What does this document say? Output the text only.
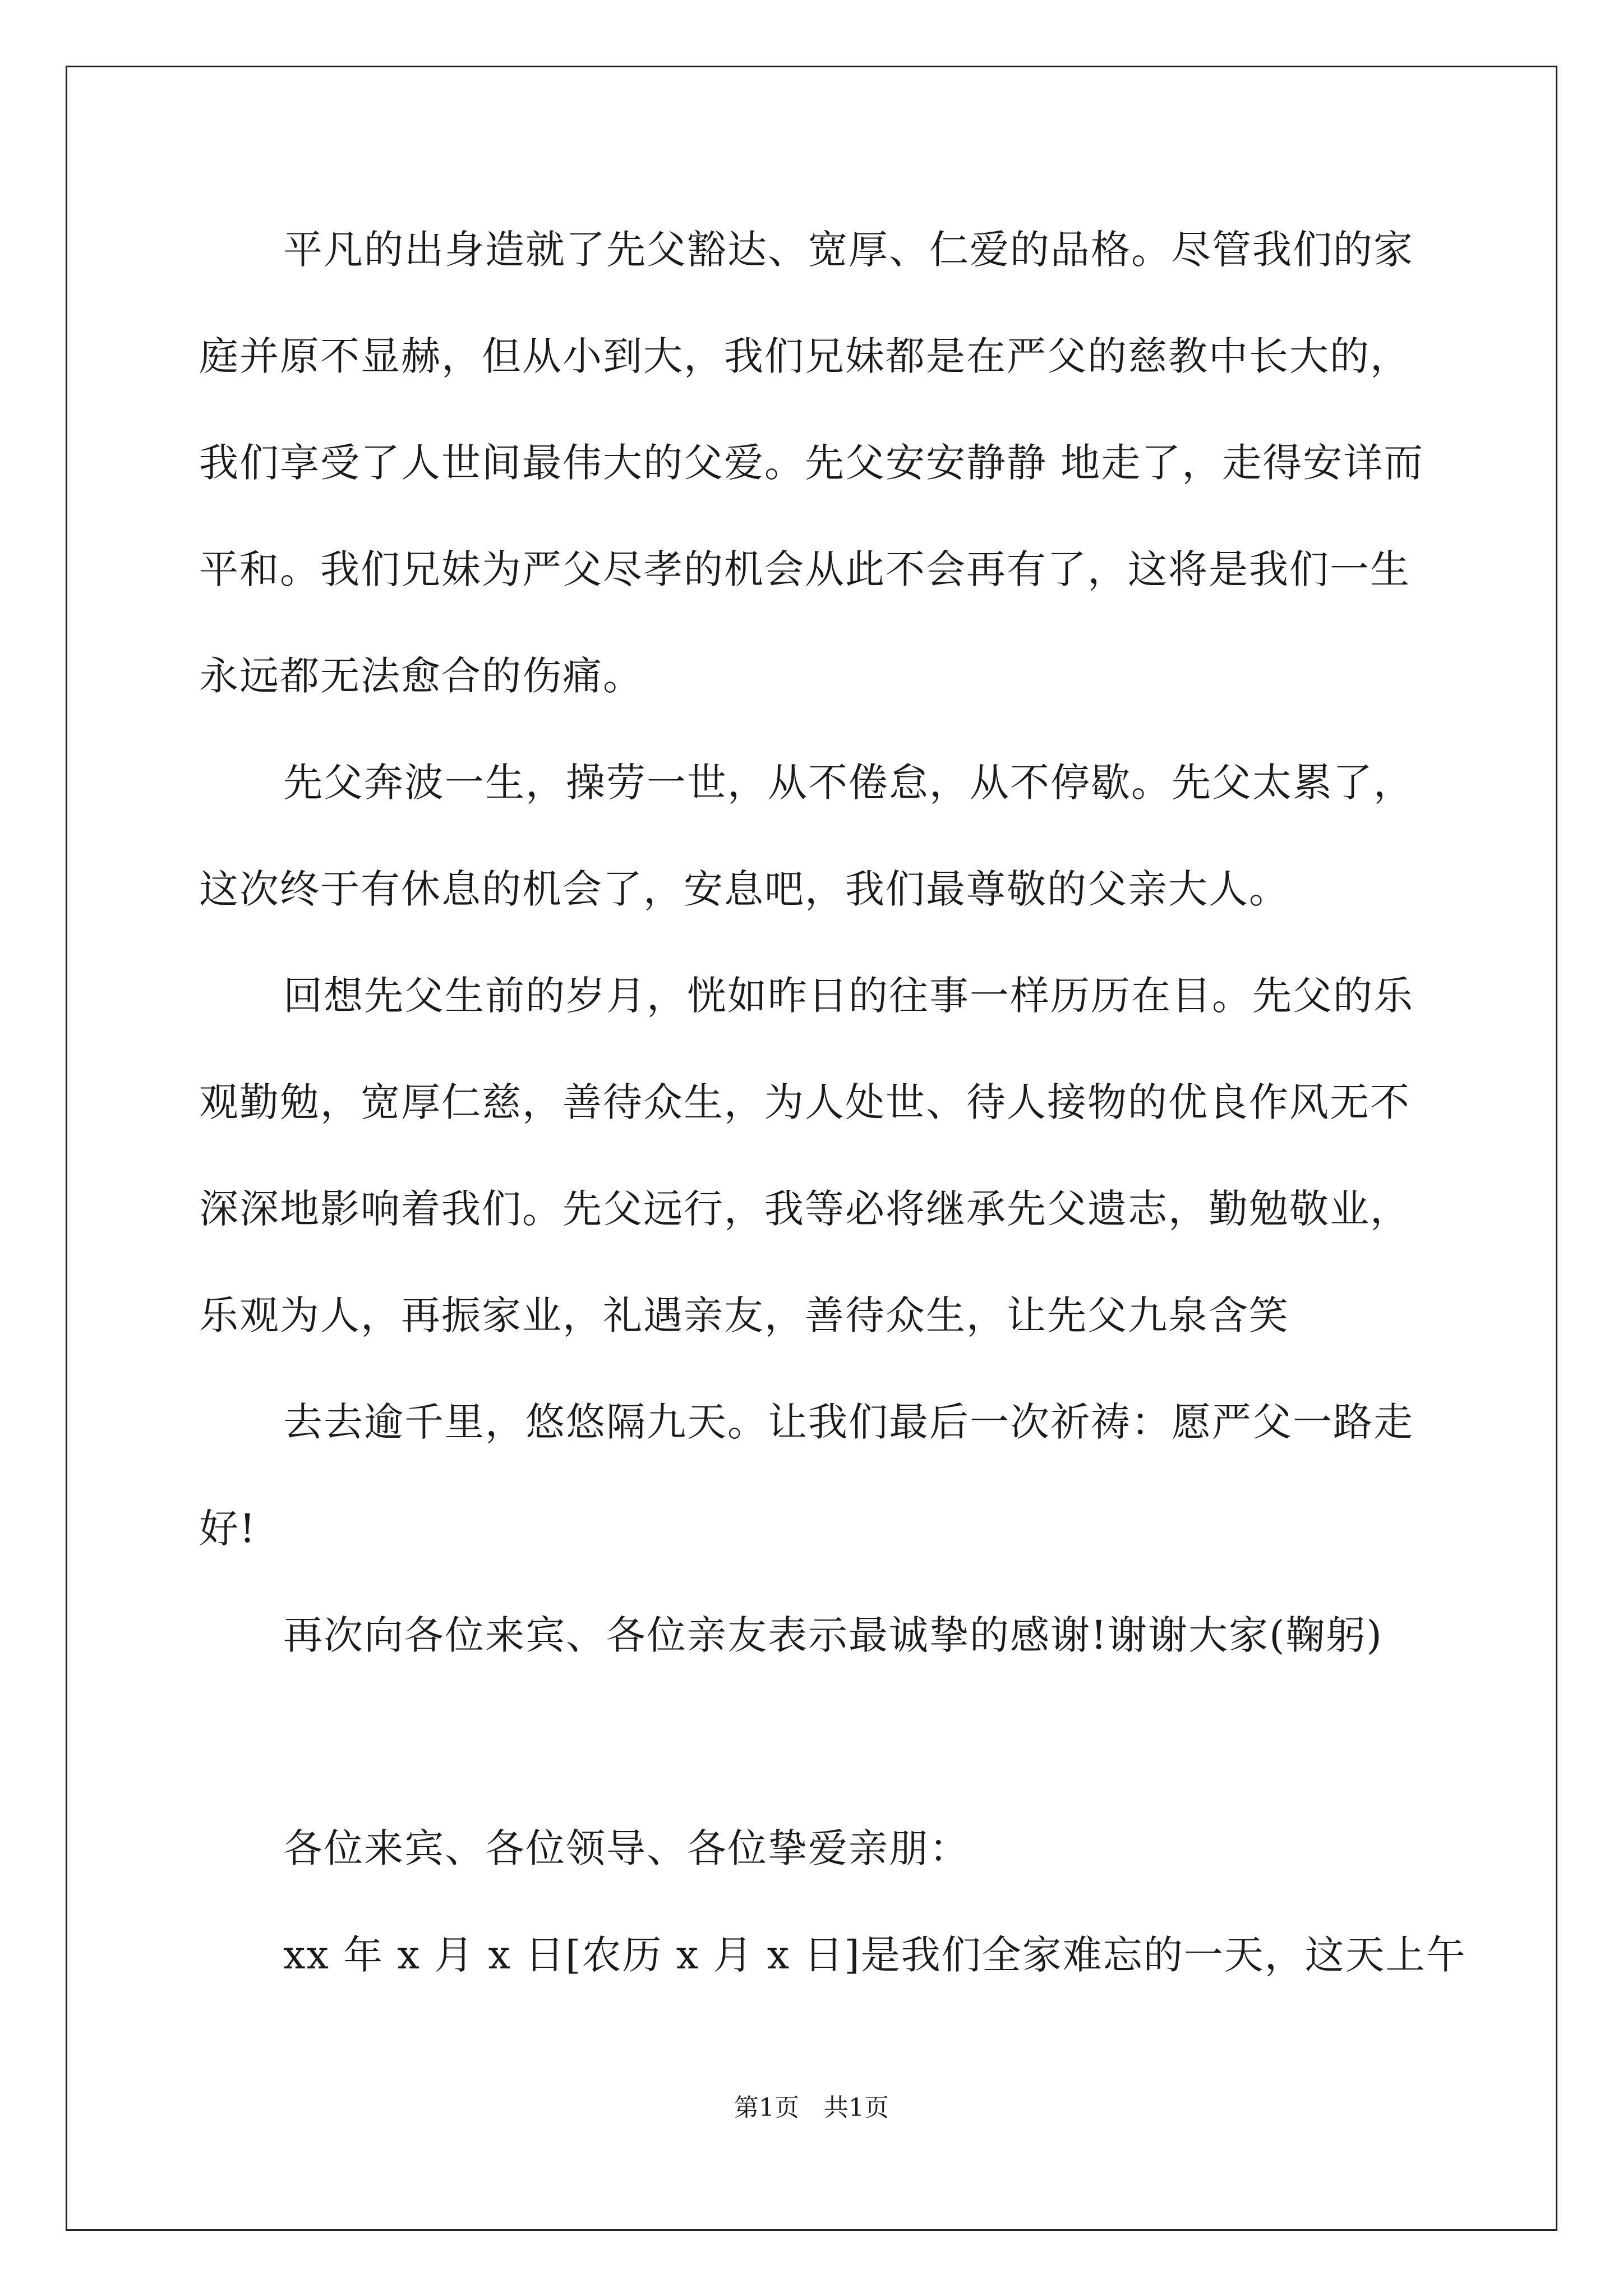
平凡的出身造就了先父豁达、宽厚、仁爱的品格。尽管我们的家
庭并原不显赫，但从小到大，我们兄妹都是在严父的慈教中长大的，
我们享受了人世间最伟大的父爱。先父安安静静 地走了，走得安详而
平和。我们兄妹为严父尽孝的机会从此不会再有了，这将是我们一生
永远都无法愈合的伤痛。
先父奔波一生，操劳一世，从不倦怠，从不停歇。先父太累了，
这次终于有休息的机会了，安息吧，我们最尊敬的父亲大人。
回想先父生前的岁月，恍如昨日的往事一样历历在目。先父的乐
观勤勉，宽厚仁慈，善待众生，为人处世、待人接物的优良作风无不
深深地影响着我们。先父远行，我等必将继承先父遗志，勤勉敬业，
乐观为人，再振家业，礼遇亲友，善待众生，让先父九泉含笑
去去逾千里，悠悠隔九天。让我们最后一次祈祷：愿严父一路走
好!
再次向各位来宾、各位亲友表示最诚挚的感谢!谢谢大家(鞠躬)
各位来宾、各位领导、各位挚爱亲朋：
xx 年 x 月 x 日[农历 x 月 x 日]是我们全家难忘的一天，这天上午
第1页　共1页
